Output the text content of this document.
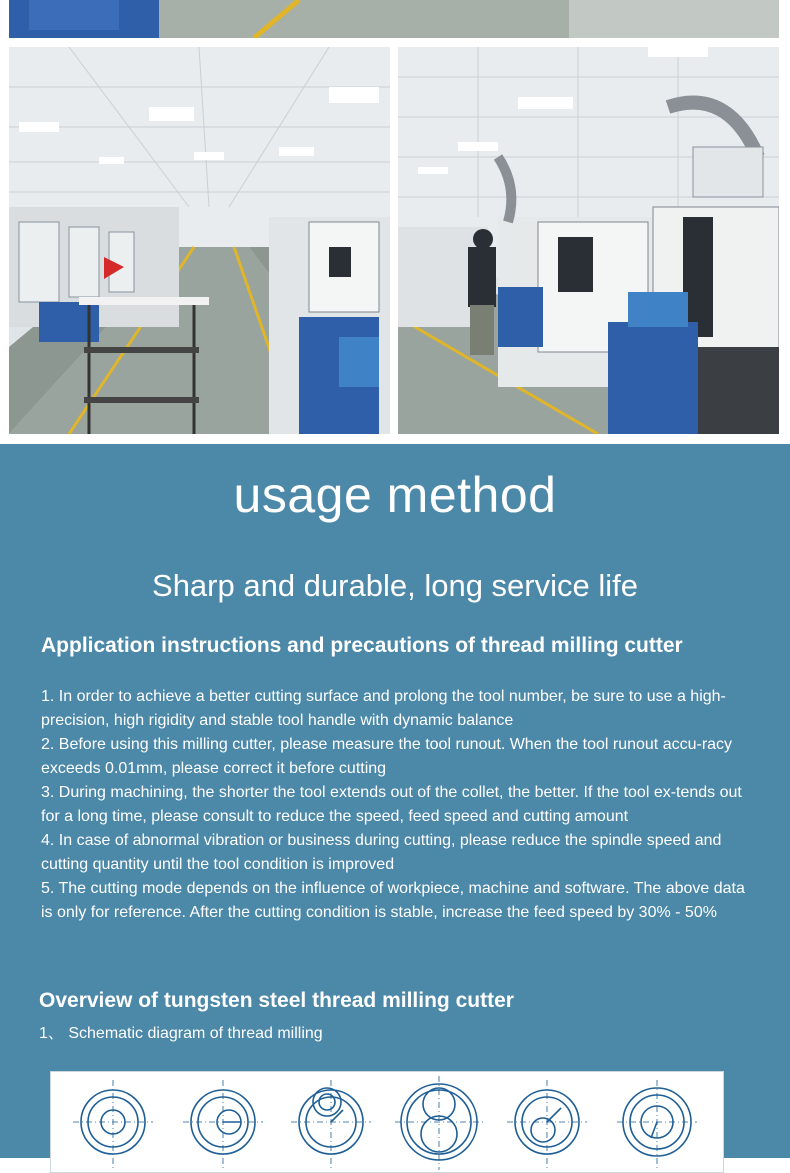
usage method
Sharp and durable, long service life
Application instructions and precautions of thread milling cutter
1. In order to achieve a better cutting surface and prolong the tool number, be sure to use a high-precision, high rigidity and stable tool handle with dynamic balance
2. Before using this milling cutter, please measure the tool runout. When the tool runout accu-racy exceeds 0.01mm, please correct it before cutting
3. During machining, the shorter the tool extends out of the collet, the better. If the tool ex-tends out for a long time, please consult to reduce the speed, feed speed and cutting amount
4. In case of abnormal vibration or business during cutting, please reduce the spindle speed and cutting quantity until the tool condition is improved
5. The cutting mode depends on the influence of workpiece, machine and software. The above data is only for reference. After the cutting condition is stable, increase the feed speed by 30% - 50%
Overview of tungsten steel thread milling cutter
1、 Schematic diagram of thread milling
